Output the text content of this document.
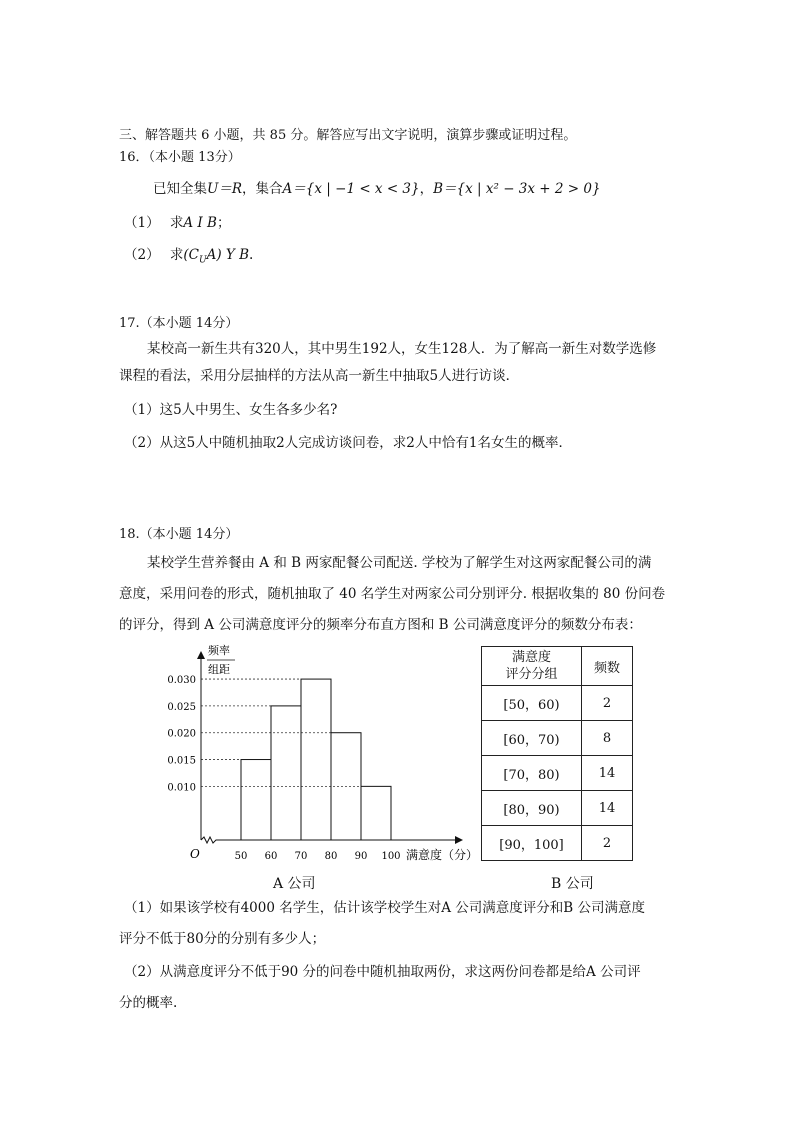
三、解答题共 6 小题，共 85 分。解答应写出文字说明，演算步骤或证明过程。
16．（本小题 13分）
已知全集U＝R，集合A＝{x | −1 < x < 3}，B＝{x | x² − 3x + 2 > 0}
（1） 求A I B；
（2） 求$(C_UA)$ Y B.
17.（本小题 14分）
某校高一新生共有320人，其中男生192人，女生128人．为了解高一新生对数学选修
课程的看法，采用分层抽样的方法从高一新生中抽取5人进行访谈．
（1）这5人中男生、女生各多少名?
（2）从这5人中随机抽取2人完成访谈问卷，求2人中恰有1名女生的概率．
18.（本小题 14分）
某校学生营养餐由 A 和 B 两家配餐公司配送. 学校为了解学生对这两家配餐公司的满
意度，采用问卷的形式，随机抽取了 40 名学生对两家公司分别评分. 根据收集的 80 份问卷
的评分，得到 A 公司满意度评分的频率分布直方图和 B 公司满意度评分的频数分布表：
0.010
0.015
0.020
0.025
0.030
50 60 70 80 90 100
频率
组距
O	满意度（分）
满意度
评分分组	频数
[50，60)	2
[60，70)	8
[70，80)	14
[80，90)	14
[90，100]	2
A 公司	B 公司
（1）如果该学校有4000 名学生，估计该学校学生对A 公司满意度评分和B 公司满意度
评分不低于80分的分别有多少人；
（2）从满意度评分不低于90 分的问卷中随机抽取两份，求这两份问卷都是给A 公司评
分的概率.
